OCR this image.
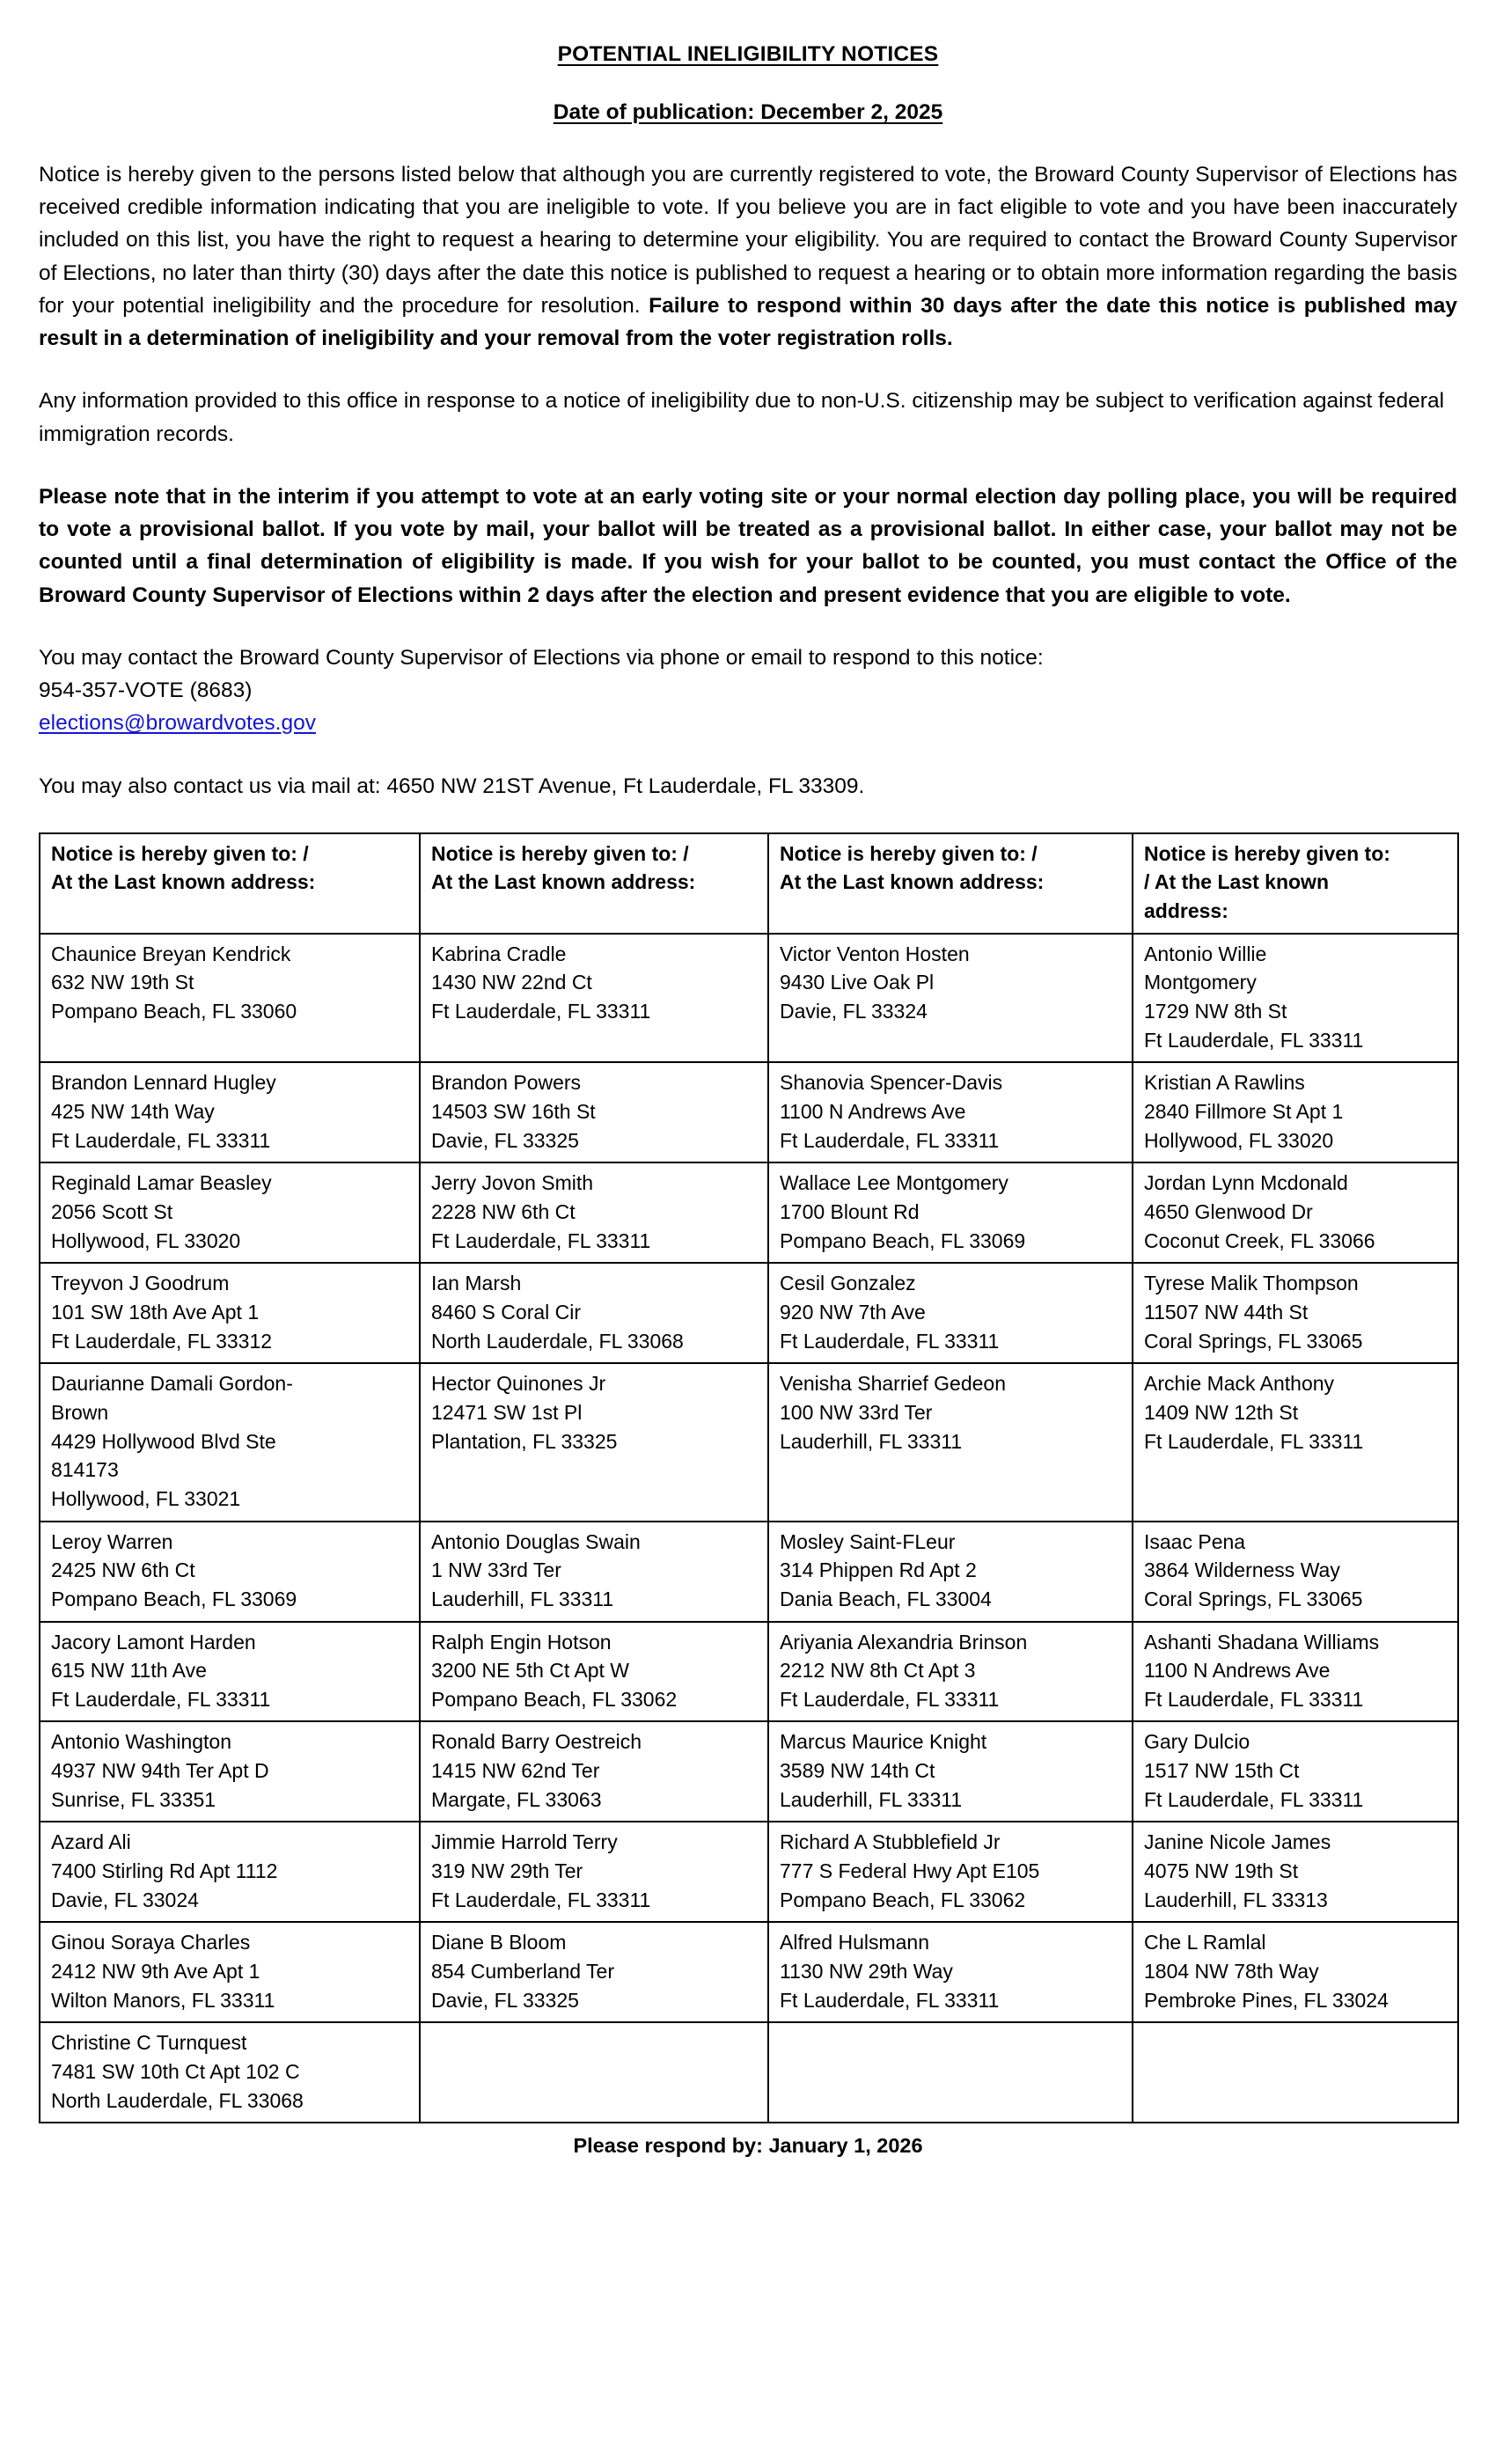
POTENTIAL INELIGIBILITY NOTICES
Date of publication: December 2, 2025

Notice is hereby given to the persons listed below that although you are currently registered to vote, the Broward County Supervisor of Elections has received credible information indicating that you are ineligible to vote. If you believe you are in fact eligible to vote and you have been inaccurately included on this list, you have the right to request a hearing to determine your eligibility. You are required to contact the Broward County Supervisor of Elections, no later than thirty (30) days after the date this notice is published to request a hearing or to obtain more information regarding the basis for your potential ineligibility and the procedure for resolution. Failure to respond within 30 days after the date this notice is published may result in a determination of ineligibility and your removal from the voter registration rolls.

Any information provided to this office in response to a notice of ineligibility due to non-U.S. citizenship may be subject to verification against federal immigration records.

Please note that in the interim if you attempt to vote at an early voting site or your normal election day polling place, you will be required to vote a provisional ballot. If you vote by mail, your ballot will be treated as a provisional ballot. In either case, your ballot may not be counted until a final determination of eligibility is made. If you wish for your ballot to be counted, you must contact the Office of the Broward County Supervisor of Elections within 2 days after the election and present evidence that you are eligible to vote.

You may contact the Broward County Supervisor of Elections via phone or email to respond to this notice:

954-357-VOTE (8683)

elections@browardvotes.gov

You may also contact us via mail at: 4650 NW 21ST Avenue, Ft Lauderdale, FL 33309.

Notice is hereby given to: /
At the Last known address:	Notice is hereby given to: /
At the Last known address:	Notice is hereby given to: /
At the Last known address:	Notice is hereby given to:
/ At the Last known
address:

Chaunice Breyan Kendrick
632 NW 19th St
Pompano Beach, FL 33060	Kabrina Cradle
1430 NW 22nd Ct
Ft Lauderdale, FL 33311	Victor Venton Hosten
9430 Live Oak Pl
Davie, FL 33324	Antonio Willie
Montgomery
1729 NW 8th St
Ft Lauderdale, FL 33311

Brandon Lennard Hugley
425 NW 14th Way
Ft Lauderdale, FL 33311	Brandon Powers
14503 SW 16th St
Davie, FL 33325	Shanovia Spencer-Davis
1100 N Andrews Ave
Ft Lauderdale, FL 33311	Kristian A Rawlins
2840 Fillmore St Apt 1
Hollywood, FL 33020

Reginald Lamar Beasley
2056 Scott St
Hollywood, FL 33020	Jerry Jovon Smith
2228 NW 6th Ct
Ft Lauderdale, FL 33311	Wallace Lee Montgomery
1700 Blount Rd
Pompano Beach, FL 33069	Jordan Lynn Mcdonald
4650 Glenwood Dr
Coconut Creek, FL 33066

Treyvon J Goodrum
101 SW 18th Ave Apt 1
Ft Lauderdale, FL 33312	Ian Marsh
8460 S Coral Cir
North Lauderdale, FL 33068	Cesil Gonzalez
920 NW 7th Ave
Ft Lauderdale, FL 33311	Tyrese Malik Thompson
11507 NW 44th St
Coral Springs, FL 33065

Daurianne Damali Gordon-
Brown
4429 Hollywood Blvd Ste
814173
Hollywood, FL 33021	Hector Quinones Jr
12471 SW 1st Pl
Plantation, FL 33325	Venisha Sharrief Gedeon
100 NW 33rd Ter
Lauderhill, FL 33311	Archie Mack Anthony
1409 NW 12th St
Ft Lauderdale, FL 33311

Leroy Warren
2425 NW 6th Ct
Pompano Beach, FL 33069	Antonio Douglas Swain
1 NW 33rd Ter
Lauderhill, FL 33311	Mosley Saint-FLeur
314 Phippen Rd Apt 2
Dania Beach, FL 33004	Isaac Pena
3864 Wilderness Way
Coral Springs, FL 33065

Jacory Lamont Harden
615 NW 11th Ave
Ft Lauderdale, FL 33311	Ralph Engin Hotson
3200 NE 5th Ct Apt W
Pompano Beach, FL 33062	Ariyania Alexandria Brinson
2212 NW 8th Ct Apt 3
Ft Lauderdale, FL 33311	Ashanti Shadana Williams
1100 N Andrews Ave
Ft Lauderdale, FL 33311

Antonio Washington
4937 NW 94th Ter Apt D
Sunrise, FL 33351	Ronald Barry Oestreich
1415 NW 62nd Ter
Margate, FL 33063	Marcus Maurice Knight
3589 NW 14th Ct
Lauderhill, FL 33311	Gary Dulcio
1517 NW 15th Ct
Ft Lauderdale, FL 33311

Azard Ali
7400 Stirling Rd Apt 1112
Davie, FL 33024	Jimmie Harrold Terry
319 NW 29th Ter
Ft Lauderdale, FL 33311	Richard A Stubblefield Jr
777 S Federal Hwy Apt E105
Pompano Beach, FL 33062	Janine Nicole James
4075 NW 19th St
Lauderhill, FL 33313

Ginou Soraya Charles
2412 NW 9th Ave Apt 1
Wilton Manors, FL 33311	Diane B Bloom
854 Cumberland Ter
Davie, FL 33325	Alfred Hulsmann
1130 NW 29th Way
Ft Lauderdale, FL 33311	Che L Ramlal
1804 NW 78th Way
Pembroke Pines, FL 33024

Christine C Turnquest
7481 SW 10th Ct Apt 102 C
North Lauderdale, FL 33068			

Please respond by: January 1, 2026
